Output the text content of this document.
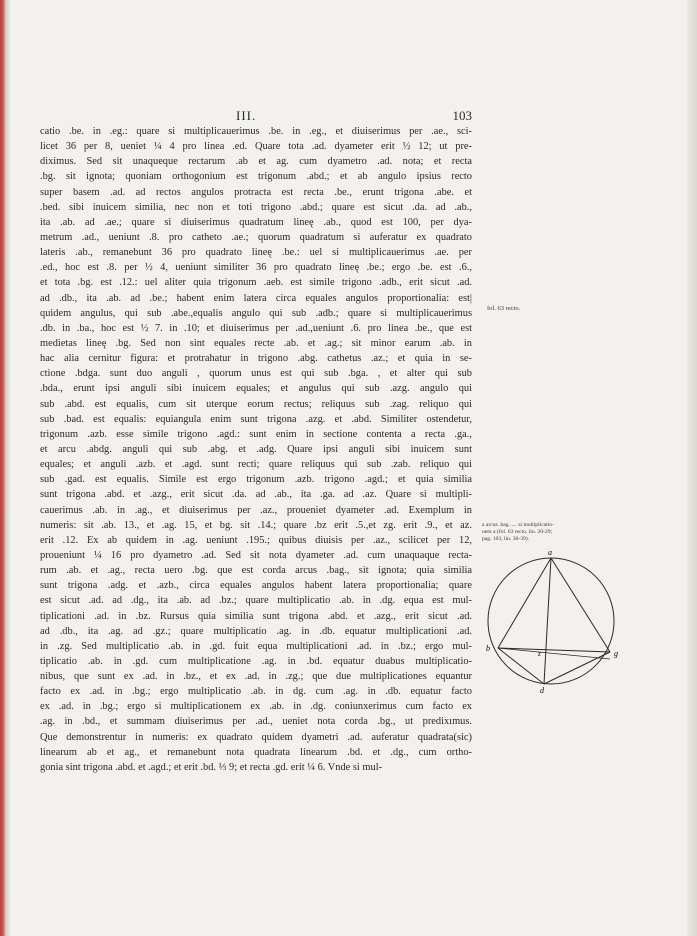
III.	103
catio .be. in .eg.: quare si multiplicauerimus .be. in .eg., et diuiserimus per .ae., sci-
licet 36 per 8, ueniet ¼ 4 pro linea .ed. Quare tota .ad. dyameter erit ½ 12; ut pre-
diximus. Sed sit unaqueque rectarum .ab et ag. cum dyametro .ad. nota; et recta
.bg. sit ignota; quoniam orthogonium est trigonum .abd.; et ab angulo ipsius recto
super basem .ad. ad rectos angulos protracta est recta .be., erunt trigona .abe. et
.bed. sibi inuicem similia, nec non et toti trigono .abd.; quare est sicut .da. ad .ab.,
ita .ab. ad .ae.; quare si diuiserimus quadratum lineę .ab., quod est 100, per dya-
metrum .ad., ueniunt .8. pro catheto .ae.; quorum quadratum si auferatur ex quadrato
lateris .ab., remanebunt 36 pro quadrato lineę .be.: uel si multiplicauerimus .ae. per
.ed., hoc est .8. per ½ 4, ueniunt similiter 36 pro quadrato lineę .be.; ergo .be. est .6.,
et tota .bg. est .12.: uel aliter quia trigonum .aeb. est simile trigono .adb., erit sicut .ad.
ad .db., ita .ab. ad .be.; habent enim latera circa equales angulos proportionalia: est|
quidem angulus, qui sub .abe.,equalis angulo qui sub .adb.; quare si multiplicauerimus
.db. in .ba., hoc est ½ 7. in .10; et diuiserimus per .ad.,ueniunt .6. pro linea .be., que est
medietas lineę .bg. Sed non sint equales recte .ab. et .ag.; sit minor earum .ab. in
hac alia cernitur figura: et protrahatur in trigono .abg. cathetus .az.; et quia in se-
ctione .bdga. sunt duo anguli , quorum unus est qui sub .bga. , et alter qui sub
.bda., erunt ipsi anguli sibi inuicem equales; et angulus qui sub .azg. angulo qui
sub .abd. est equalis, cum sit uterque eorum rectus; reliquus sub .zag. reliquo qui
sub .bad. est equalis: equiangula enim sunt trigona .azg. et .abd. Similiter ostendetur,
trigonum .azb. esse simile trigono .agd.: sunt enim in sectione contenta a recta .ga.,
et arcu .abdg. anguli qui sub .abg. et .adg. Quare ipsi anguli sibi inuicem sunt
equales; et anguli .azb. et .agd. sunt recti; quare reliquus qui sub .zab. reliquo qui
sub .gad. est equalis. Simile est ergo trigonum .azb. trigono .agd.; et quia similia
sunt trigona .abd. et .azg., erit sicut .da. ad .ab., ita .ga. ad .az. Quare si multipli-
cauerimus .ab. in .ag., et diuiserimus per .az., proueniet dyameter .ad. Exemplum in
numeris: sit .ab. 13., et .ag. 15, et bg. sit .14.; quare .bz erit .5.,et zg. erit .9., et az.
erit .12. Ex ab quidem in .ag. ueniunt .195.; quibus diuisis per .az., scilicet per 12,
proueniunt ¼ 16 pro dyametro .ad. Sed sit nota dyameter .ad. cum unaquaque recta-
rum .ab. et .ag., recta uero .bg. que est corda arcus .bag., sit ignota; quia similia
sunt trigona .adg. et .azb., circa equales angulos habent latera proportionalia; quare
est sicut .ad. ad .dg., ita .ab. ad .bz.; quare multiplicatio .ab. in .dg. equa est mul-
tiplicationi .ad. in .bz. Rursus quia similia sunt trigona .abd. et .azg., erit sicut .ad.
ad .db., ita .ag. ad .gz.; quare multiplicatio .ag. in .db. equatur multiplicationi .ad.
in .zg. Sed multiplicatio .ab. in .gd. fuit equa multiplicationi .ad. in .bz.; ergo mul-
tiplicatio .ab. in .gd. cum multiplicatione .ag. in .bd. equatur duabus multiplicatio-
nibus, que sunt ex .ad. in .bz., et ex .ad. in .zg.; que due multiplicationes equantur
facto ex .ad. in .bg.; ergo multiplicatio .ab. in dg. cum .ag. in .db. equatur facto
ex .ad. in .bg.; ergo si multiplicationem ex .ab. in .dg. coniunxerimus cum facto ex
.ag. in .bd., et summam diuiserimus per .ad., ueniet nota corda .bg., ut predixımus.
Que demonstrentur in numeris: ex quadrato quidem dyametri .ad. auferatur quadrata(sic)
linearum ab et ag., et remanebunt nota quadrata linearum .bd. et .dg., cum ortho-
gonia sint trigona .abd. et .agd.; et erit .bd. ⅓ 9; et recta .gd. erit ¼ 6. Vnde si mul-
fol. 63 recto.
a arcus .bag. .... si multiplicatio-
nem a (fol. 63 recto, lin. 20-29;
pag. 103, lin. 30-39).
a
b
g
d
z
